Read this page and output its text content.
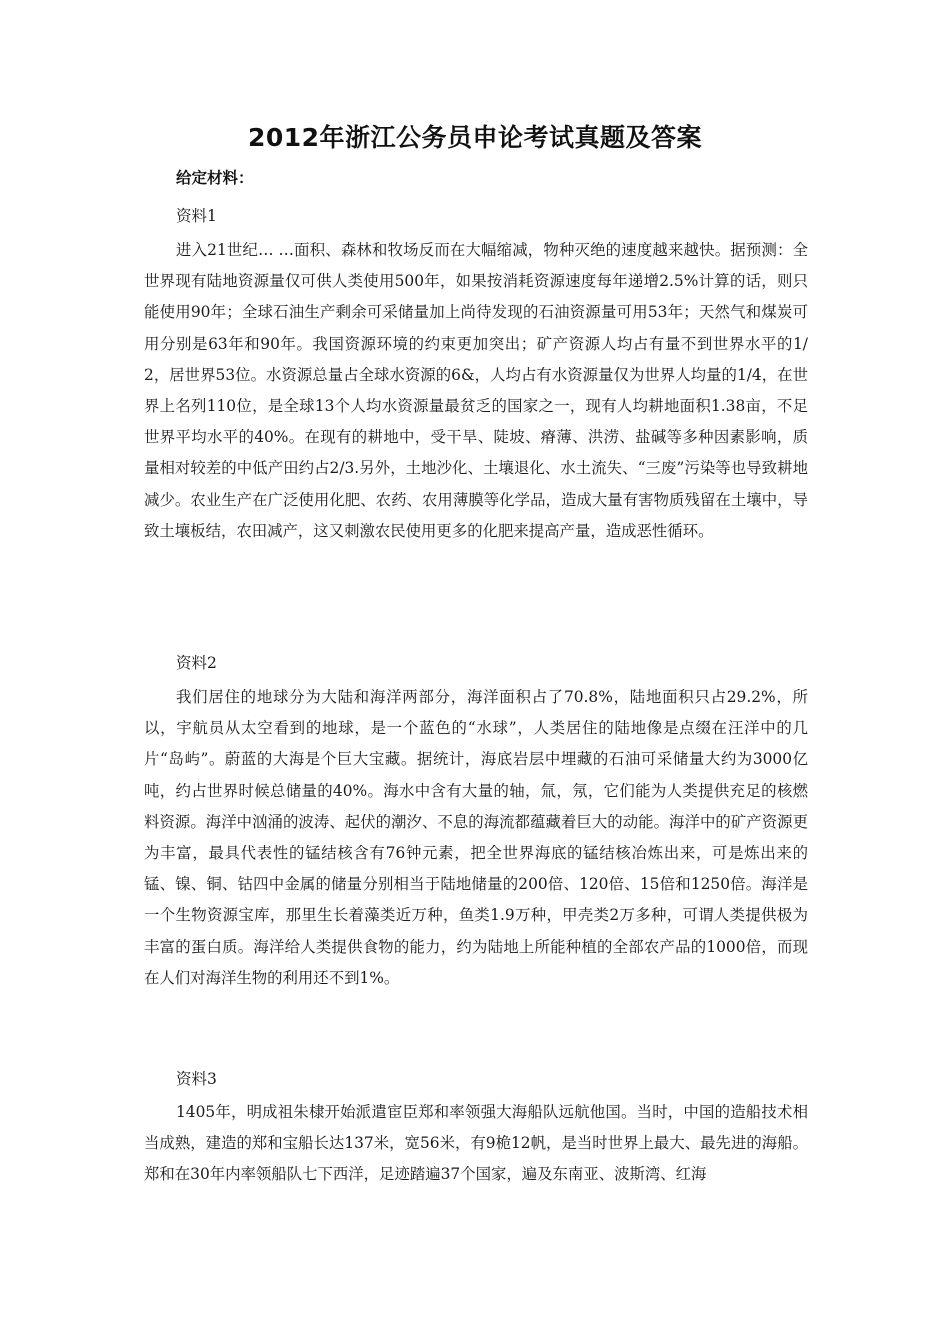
2012年浙江公务员申论考试真题及答案
给定材料：
资料1
进入21世纪… …面积、森林和牧场反而在大幅缩减，物种灭绝的速度越来越快。据预测：全世界现有陆地资源量仅可供人类使用500年，如果按消耗资源速度每年递增2.5%计算的话，则只能使用90年；全球石油生产剩余可采储量加上尚待发现的石油资源量可用53年；天然气和煤炭可用分别是63年和90年。我国资源环境的约束更加突出；矿产资源人均占有量不到世界水平的1/2，居世界53位。水资源总量占全球水资源的6&，人均占有水资源量仅为世界人均量的1/4，在世界上名列110位，是全球13个人均水资源量最贫乏的国家之一，现有人均耕地面积1.38亩，不足世界平均水平的40%。在现有的耕地中，受干旱、陡坡、瘠薄、洪涝、盐碱等多种因素影响，质量相对较差的中低产田约占2/3.另外，土地沙化、土壤退化、水土流失、“三废”污染等也导致耕地减少。农业生产在广泛使用化肥、农药、农用薄膜等化学品，造成大量有害物质残留在土壤中，导致土壤板结，农田减产，这又刺激农民使用更多的化肥来提高产量，造成恶性循环。
资料2
我们居住的地球分为大陆和海洋两部分，海洋面积占了70.8%，陆地面积只占29.2%，所以，宇航员从太空看到的地球，是一个蓝色的“水球”，人类居住的陆地像是点缀在汪洋中的几片“岛屿”。蔚蓝的大海是个巨大宝藏。据统计，海底岩层中埋藏的石油可采储量大约为3000亿吨，约占世界时候总储量的40%。海水中含有大量的轴，氚，氖，它们能为人类提供充足的核燃料资源。海洋中汹涌的波涛、起伏的潮汐、不息的海流都蕴藏着巨大的动能。海洋中的矿产资源更为丰富，最具代表性的锰结核含有76钟元素，把全世界海底的锰结核冶炼出来，可是炼出来的锰、镍、铜、钴四中金属的储量分别相当于陆地储量的200倍、120倍、15倍和1250倍。海洋是一个生物资源宝库，那里生长着藻类近万种，鱼类1.9万种，甲壳类2万多种，可谓人类提供极为丰富的蛋白质。海洋给人类提供食物的能力，约为陆地上所能种植的全部农产品的1000倍，而现在人们对海洋生物的利用还不到1%。
资料3
1405年，明成祖朱棣开始派遣宦臣郑和率领强大海船队远航他国。当时，中国的造船技术相当成熟，建造的郑和宝船长达137米，宽56米，有9桅12帆，是当时世界上最大、最先进的海船。郑和在30年内率领船队七下西洋，足迹踏遍37个国家，遍及东南亚、波斯湾、红海
